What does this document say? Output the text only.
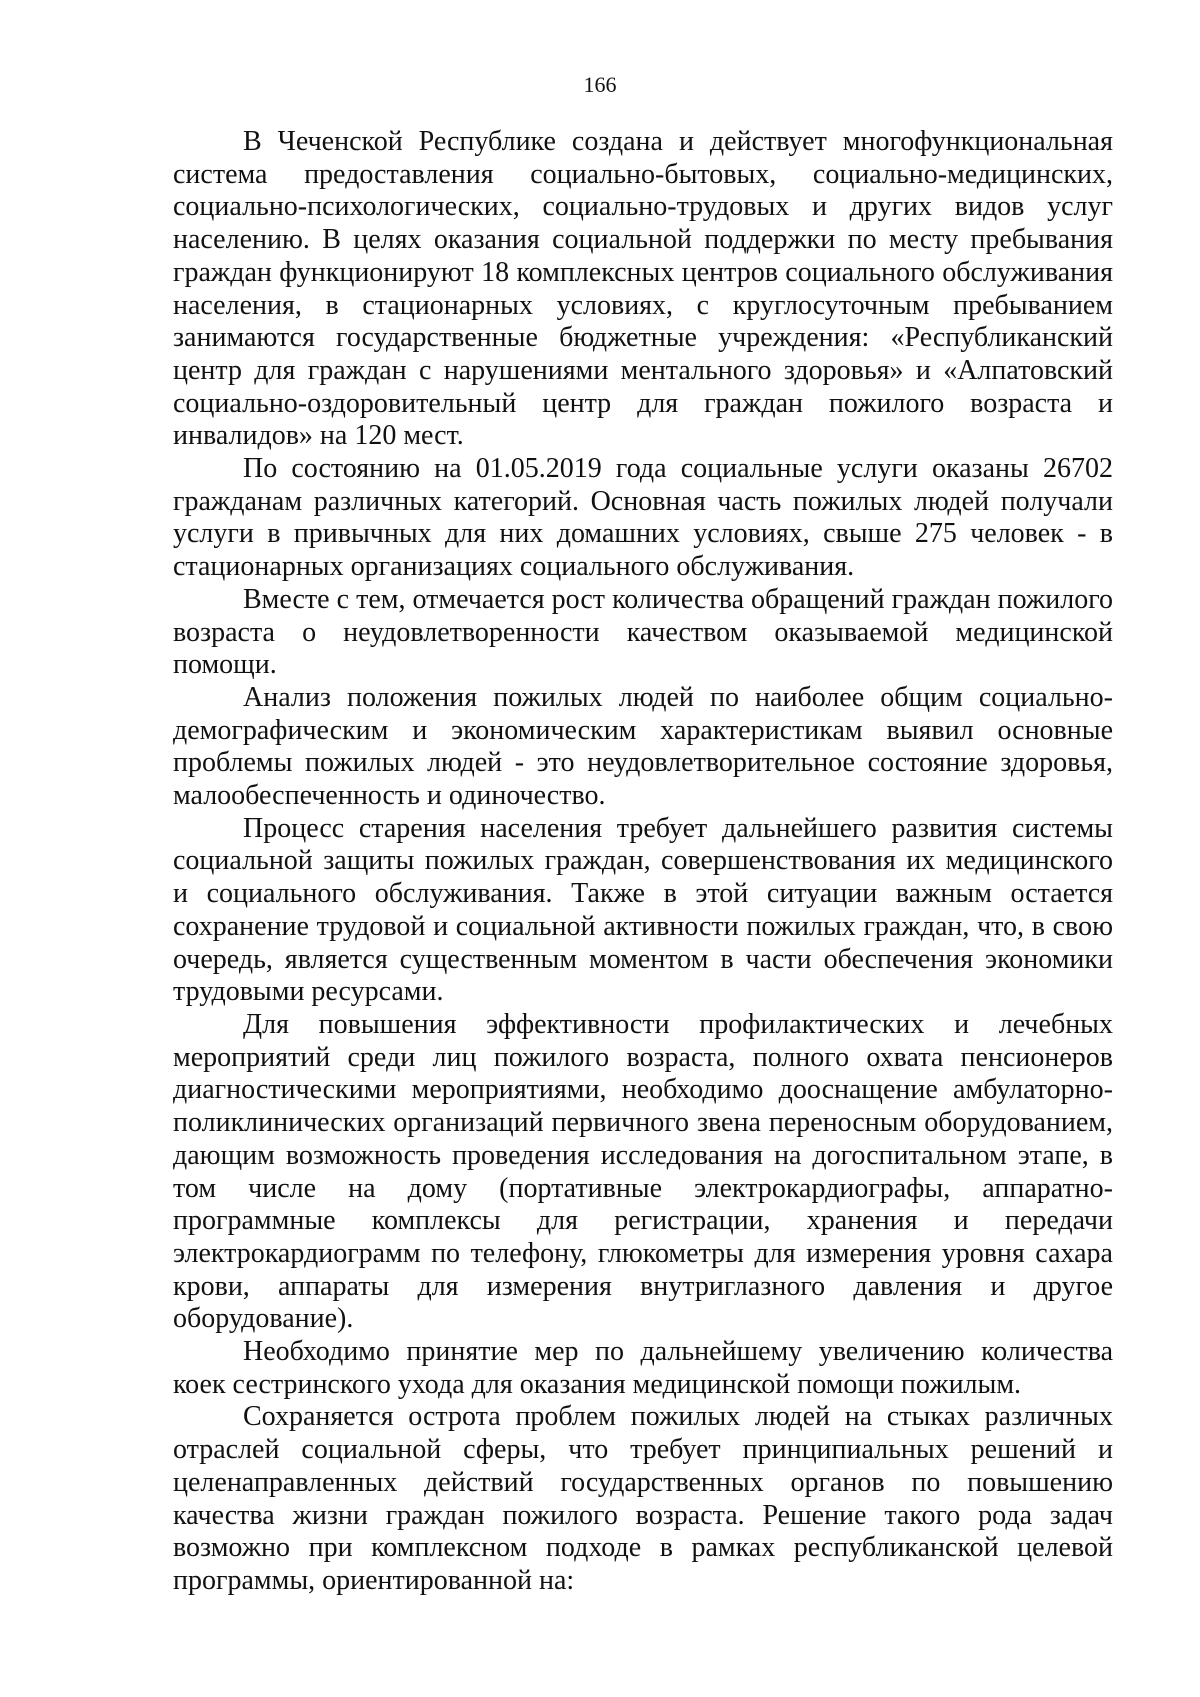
166

В Чеченской Республике создана и действует многофункциональная система предоставления социально-бытовых, социально-медицинских, социально-психологических, социально-трудовых и других видов услуг населению. В целях оказания социальной поддержки по месту пребывания граждан функционируют 18 комплексных центров социального обслуживания населения, в стационарных условиях, с круглосуточным пребыванием занимаются государственные бюджетные учреждения: «Республиканский центр для граждан с нарушениями ментального здоровья» и «Алпатовский социально-оздоровительный центр для граждан пожилого возраста и инвалидов» на 120 мест.

По состоянию на 01.05.2019 года социальные услуги оказаны 26702 гражданам различных категорий. Основная часть пожилых людей получали услуги в привычных для них домашних условиях, свыше 275 человек - в стационарных организациях социального обслуживания.

Вместе с тем, отмечается рост количества обращений граждан пожилого возраста о неудовлетворенности качеством оказываемой медицинской помощи.

Анализ положения пожилых людей по наиболее общим социально-демографическим и экономическим характеристикам выявил основные проблемы пожилых людей - это неудовлетворительное состояние здоровья, малообеспеченность и одиночество.

Процесс старения населения требует дальнейшего развития системы социальной защиты пожилых граждан, совершенствования их медицинского и социального обслуживания. Также в этой ситуации важным остается сохранение трудовой и социальной активности пожилых граждан, что, в свою очередь, является существенным моментом в части обеспечения экономики трудовыми ресурсами.

Для повышения эффективности профилактических и лечебных мероприятий среди лиц пожилого возраста, полного охвата пенсионеров диагностическими мероприятиями, необходимо дооснащение амбулаторно-поликлинических организаций первичного звена переносным оборудованием, дающим возможность проведения исследования на догоспитальном этапе, в том числе на дому (портативные электрокардиографы, аппаратно-программные комплексы для регистрации, хранения и передачи электрокардиограмм по телефону, глюкометры для измерения уровня сахара крови, аппараты для измерения внутриглазного давления и другое оборудование).

Необходимо принятие мер по дальнейшему увеличению количества коек сестринского ухода для оказания медицинской помощи пожилым.

Сохраняется острота проблем пожилых людей на стыках различных отраслей социальной сферы, что требует принципиальных решений и целенаправленных действий государственных органов по повышению качества жизни граждан пожилого возраста. Решение такого рода задач возможно при комплексном подходе в рамках республиканской целевой программы, ориентированной на:
